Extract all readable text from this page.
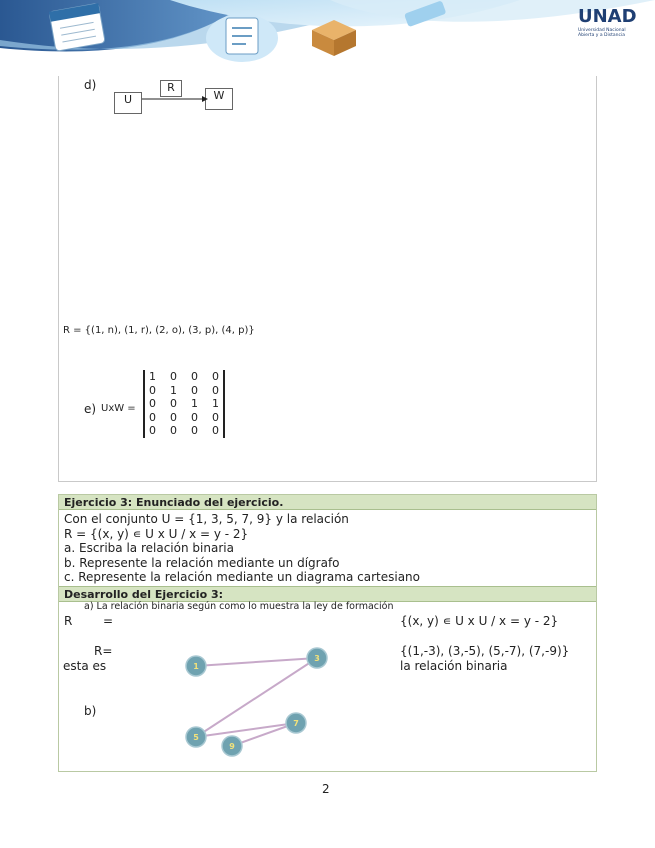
UNAD
Universidad Nacional
Abierta y a Distancia
d)
U
R
W
R = {(1, n), (1, r), (2, o), (3, p), (4, p)}
e) UxW =
1 0 0 0
0 1 0 0
0 0 1 1
0 0 0 0
0 0 0 0
Ejercicio 3: Enunciado del ejercicio.
Con el conjunto U = {1, 3, 5, 7, 9} y la relación
R = {(x, y) ∊ U x U / x = y - 2}
a. Escriba la relación binaria
b. Represente la relación mediante un dígrafo
c. Represente la relación mediante un diagrama cartesiano
Desarrollo del Ejercicio 3:
a) La relación binaria según como lo muestra la ley de formación
R	=	{(x, y) ∊ U x U / x = y - 2}
R=	{(1,-3), (3,-5), (5,-7), (7,-9)}
esta es	la relación binaria
b)
1
3
5
7
9
2
